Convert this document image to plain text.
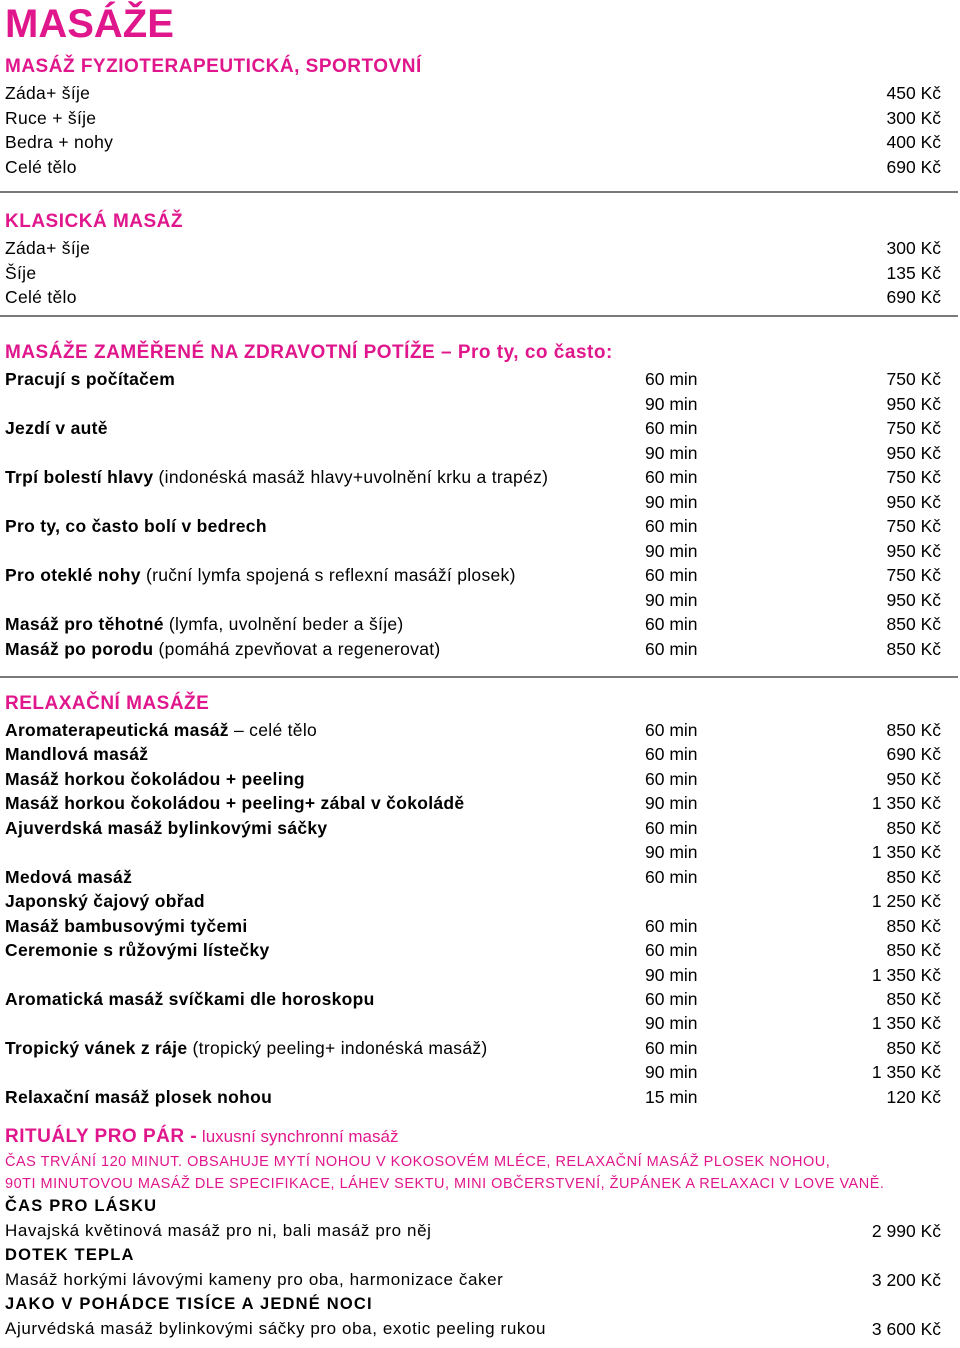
MASÁŽE
MASÁŽ FYZIOTERAPEUTICKÁ, SPORTOVNÍ
Záda+ šíje	450 Kč
Ruce + šíje	300 Kč
Bedra + nohy	400 Kč
Celé tělo	690 Kč
KLASICKÁ MASÁŽ
Záda+ šíje	300 Kč
Šíje	135 Kč
Celé tělo	690 Kč
MASÁŽE ZAMĚŘENÉ NA ZDRAVOTNÍ POTÍŽE – Pro ty, co často:
Pracují s počítačem	60 min	750 Kč
90 min	950 Kč
Jezdí v autě	60 min	750 Kč
90 min	950 Kč
Trpí bolestí hlavy (indonéská masáž hlavy+uvolnění krku a trapéz)	60 min	750 Kč
90 min	950 Kč
Pro ty, co často bolí v bedrech	60 min	750 Kč
90 min	950 Kč
Pro oteklé nohy (ruční lymfa spojená s reflexní masáží plosek)	60 min	750 Kč
90 min	950 Kč
Masáž pro těhotné (lymfa, uvolnění beder a šíje)	60 min	850 Kč
Masáž po porodu (pomáhá zpevňovat a regenerovat)	60 min	850 Kč
RELAXAČNÍ MASÁŽE
Aromaterapeutická masáž – celé tělo	60 min	850 Kč
Mandlová masáž	60 min	690 Kč
Masáž horkou čokoládou + peeling	60 min	950 Kč
Masáž horkou čokoládou + peeling+ zábal v čokoládě	90 min	1 350 Kč
Ajuverdská masáž bylinkovými sáčky	60 min	850 Kč
90 min	1 350 Kč
Medová masáž	60 min	850 Kč
Japonský čajový obřad	1 250 Kč
Masáž bambusovými tyčemi	60 min	850 Kč
Ceremonie s růžovými lístečky	60 min	850 Kč
90 min	1 350 Kč
Aromatická masáž svíčkami dle horoskopu	60 min	850 Kč
90 min	1 350 Kč
Tropický vánek z ráje (tropický peeling+ indonéská masáž)	60 min	850 Kč
90 min	1 350 Kč
Relaxační masáž plosek nohou	15 min	120 Kč
RITUÁLY PRO PÁR - luxusní synchronní masáž
ČAS TRVÁNÍ 120 MINUT. OBSAHUJE MYTÍ NOHOU V KOKOSOVÉM MLÉCE, RELAXAČNÍ MASÁŽ PLOSEK NOHOU,
90TI MINUTOVOU MASÁŽ DLE SPECIFIKACE, LÁHEV SEKTU, MINI OBČERSTVENÍ, ŽUPÁNEK A RELAXACI V LOVE VANĚ.
ČAS PRO LÁSKU
Havajská květinová masáž pro ni, bali masáž pro něj	2 990 Kč
DOTEK TEPLA
Masáž horkými lávovými kameny pro oba, harmonizace čaker	3 200 Kč
JAKO V POHÁDCE TISÍCE A JEDNÉ NOCI
Ajurvédská masáž bylinkovými sáčky pro oba, exotic peeling rukou	3 600 Kč
